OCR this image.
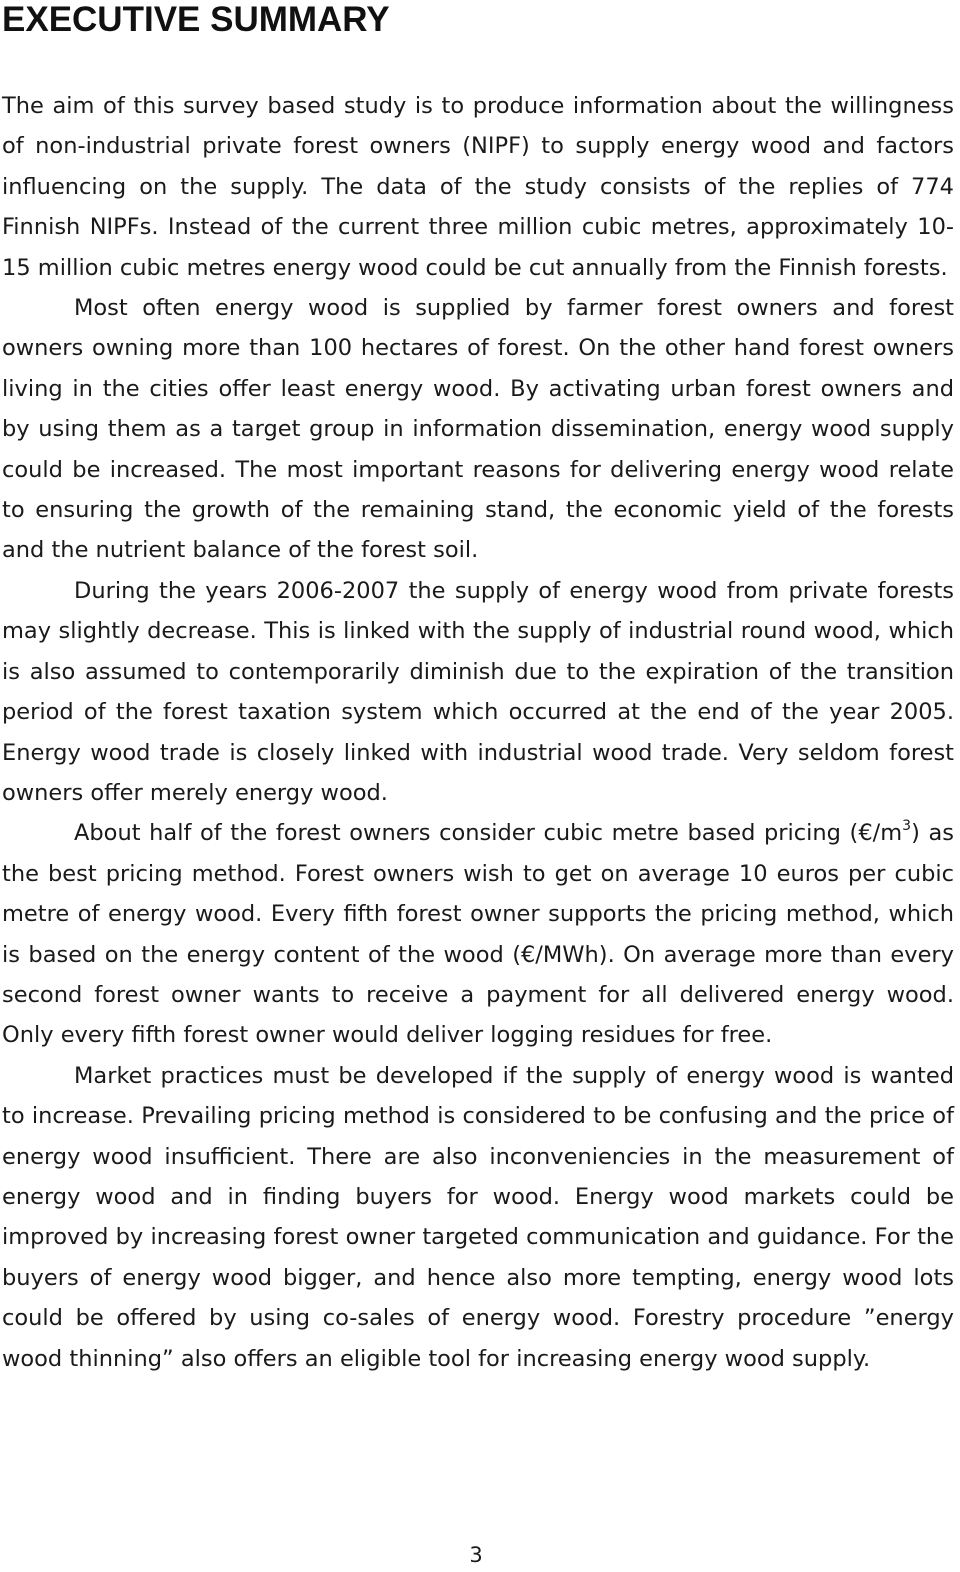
EXECUTIVE SUMMARY

The aim of this survey based study is to produce information about the willingness of non-industrial private forest owners (NIPF) to supply energy wood and factors influencing on the supply. The data of the study consists of the replies of 774 Finnish NIPFs. Instead of the current three million cubic metres, approximately 10-15 million cubic metres energy wood could be cut annually from the Finnish forests.

Most often energy wood is supplied by farmer forest owners and forest owners owning more than 100 hectares of forest. On the other hand forest owners living in the cities offer least energy wood. By activating urban forest owners and by using them as a target group in information dissemination, energy wood supply could be increased. The most important reasons for delivering energy wood relate to ensuring the growth of the remaining stand, the economic yield of the forests and the nutrient balance of the forest soil.

During the years 2006-2007 the supply of energy wood from private forests may slightly decrease. This is linked with the supply of industrial round wood, which is also assumed to contemporarily diminish due to the expiration of the transition period of the forest taxation system which occurred at the end of the year 2005. Energy wood trade is closely linked with industrial wood trade. Very seldom forest owners offer merely energy wood.

About half of the forest owners consider cubic metre based pricing $(€/m^3)$ as the best pricing method. Forest owners wish to get on average 10 euros per cubic metre of energy wood. Every fifth forest owner supports the pricing method, which is based on the energy content of the wood (€/MWh). On average more than every second forest owner wants to receive a payment for all delivered energy wood. Only every fifth forest owner would deliver logging residues for free.

Market practices must be developed if the supply of energy wood is wanted to increase. Prevailing pricing method is considered to be confusing and the price of energy wood insufficient. There are also inconveniencies in the measurement of energy wood and in finding buyers for wood. Energy wood markets could be improved by increasing forest owner targeted communication and guidance. For the buyers of energy wood bigger, and hence also more tempting, energy wood lots could be offered by using co-sales of energy wood. Forestry procedure ”energy wood thinning” also offers an eligible tool for increasing energy wood supply.

3
